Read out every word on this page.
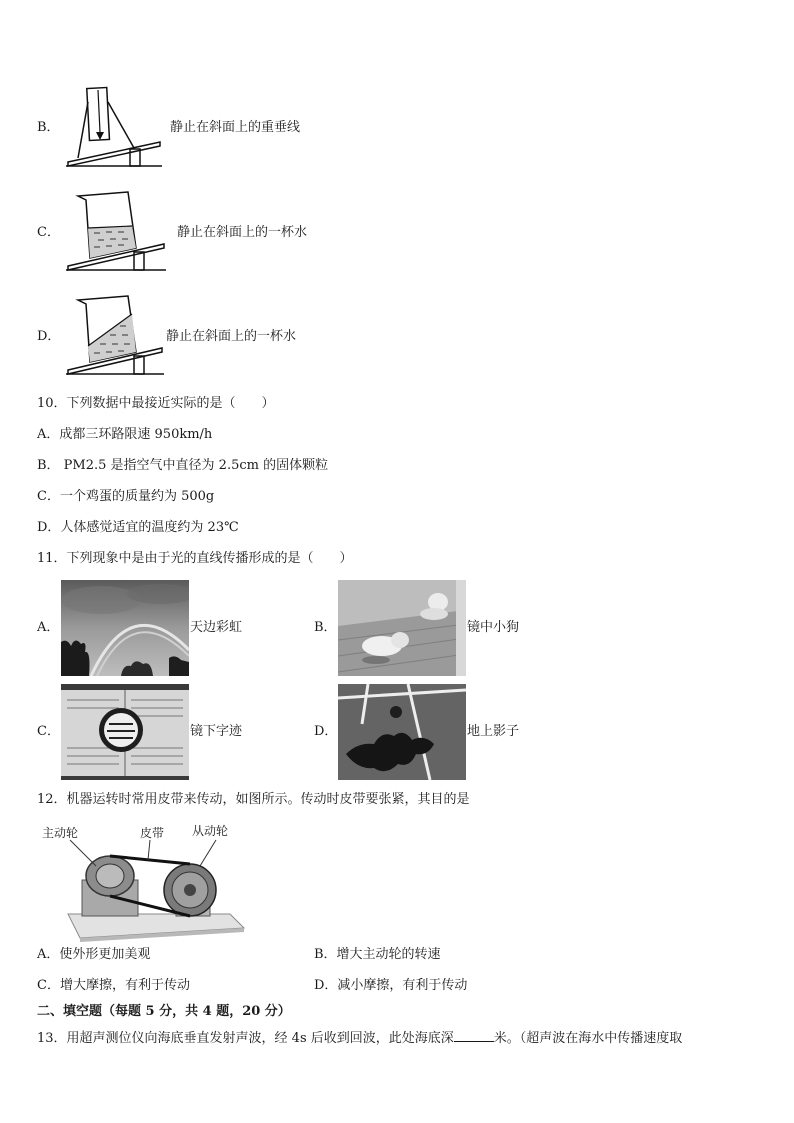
B．	静止在斜面上的重垂线
C．	静止在斜面上的一杯水
D．	静止在斜面上的一杯水
10．下列数据中最接近实际的是（　　）
A．成都三环路限速 950km/h
B． PM2.5 是指空气中直径为 2.5cm 的固体颗粒
C．一个鸡蛋的质量约为 500g
D．人体感觉适宜的温度约为 23℃
11．下列现象中是由于光的直线传播形成的是（　　）
A．	天边彩虹	B．	镜中小狗
C．	镜下字迹	D．	地上影子
12．机器运转时常用皮带来传动，如图所示。传动时皮带要张紧，其目的是
主动轮	皮带 从动轮
A．使外形更加美观	B．增大主动轮的转速
C．增大摩擦，有利于传动	D．减小摩擦，有利于传动
二、填空题（每题 5 分，共 4 题，20 分）
13．用超声测位仪向海底垂直发射声波，经 4s 后收到回波，此处海底深	米。（超声波在海水中传播速度取
